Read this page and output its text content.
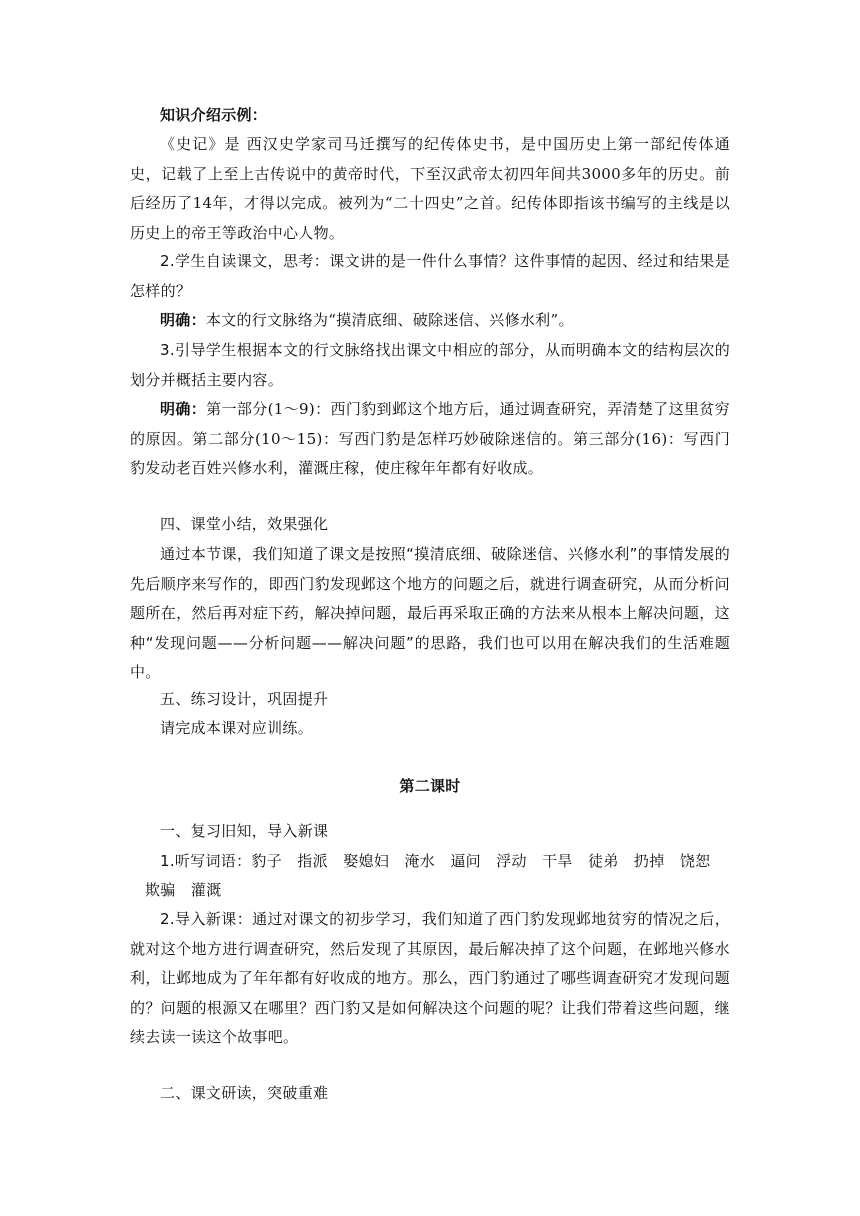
知识介绍示例：

《史记》是 西汉史学家司马迁撰写的纪传体史书，是中国历史上第一部纪传体通史，记载了上至上古传说中的黄帝时代，下至汉武帝太初四年间共3000多年的历史。前后经历了14年，才得以完成。被列为“二十四史”之首。纪传体即指该书编写的主线是以历史上的帝王等政治中心人物。

2.学生自读课文，思考：课文讲的是一件什么事情？这件事情的起因、经过和结果是怎样的？

明确：本文的行文脉络为“摸清底细、破除迷信、兴修水利”。

3.引导学生根据本文的行文脉络找出课文中相应的部分，从而明确本文的结构层次的划分并概括主要内容。

明确：第一部分(1～9)：西门豹到邺这个地方后，通过调查研究，弄清楚了这里贫穷的原因。第二部分(10～15)：写西门豹是怎样巧妙破除迷信的。第三部分(16)：写西门豹发动老百姓兴修水利，灌溉庄稼，使庄稼年年都有好收成。

四、课堂小结，效果强化

通过本节课，我们知道了课文是按照“摸清底细、破除迷信、兴修水利”的事情发展的先后顺序来写作的，即西门豹发现邺这个地方的问题之后，就进行调查研究，从而分析问题所在，然后再对症下药，解决掉问题，最后再采取正确的方法来从根本上解决问题，这种“发现问题——分析问题——解决问题”的思路，我们也可以用在解决我们的生活难题中。

五、练习设计，巩固提升

请完成本课对应训练。

第二课时

一、复习旧知，导入新课

1.听写词语：豹子　指派　娶媳妇　淹水　逼问　浮动　干旱　徒弟　扔掉　饶恕

欺骗　灌溉

2.导入新课：通过对课文的初步学习，我们知道了西门豹发现邺地贫穷的情况之后，就对这个地方进行调查研究，然后发现了其原因，最后解决掉了这个问题，在邺地兴修水利，让邺地成为了年年都有好收成的地方。那么，西门豹通过了哪些调查研究才发现问题的？问题的根源又在哪里？西门豹又是如何解决这个问题的呢？让我们带着这些问题，继续去读一读这个故事吧。

二、课文研读，突破重难
